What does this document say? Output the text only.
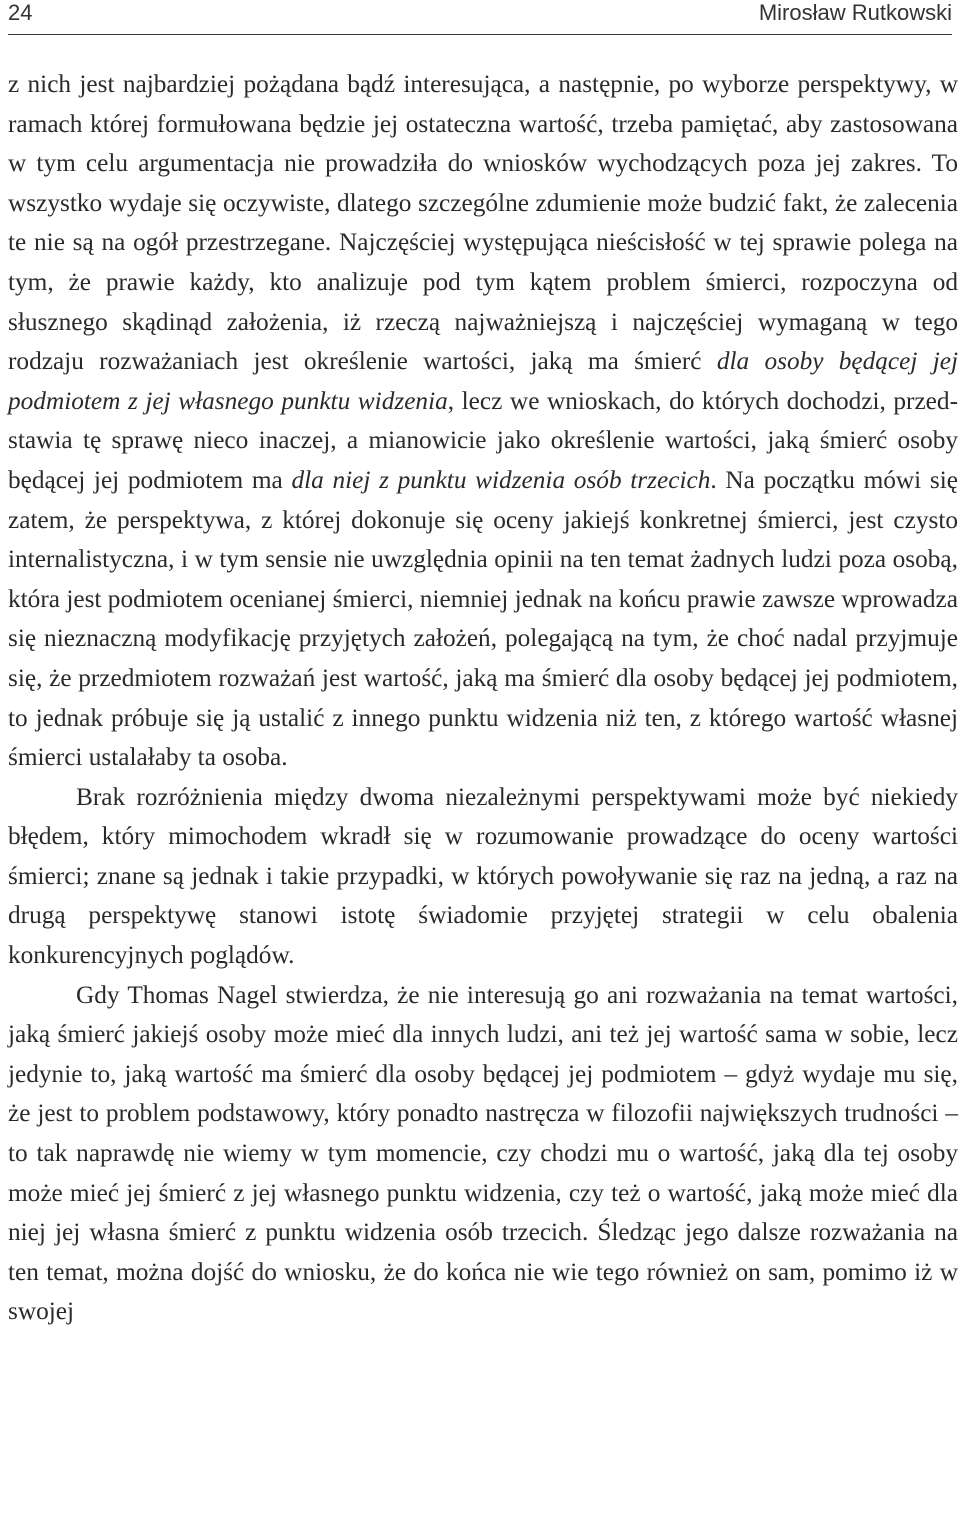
24	Mirosław Rutkowski

z nich jest najbardziej pożądana bądź interesująca, a następnie, po wyborze perspektywy, w ramach której formułowana będzie jej ostateczna wartość, trzeba pamiętać, aby zastosowana w tym celu argumentacja nie prowadziła do wniosków wychodzących poza jej zakres. To wszystko wydaje się oczywiste, dlatego szczególne zdumienie może budzić fakt, że zalecenia te nie są na ogół przestrzegane. Najczęściej występująca nieścisłość w tej sprawie polega na tym, że prawie każdy, kto analizuje pod tym kątem problem śmierci, rozpoczyna od słusznego skądinąd założenia, iż rzeczą najważniejszą i najczęściej wymaganą w tego rodzaju rozważaniach jest określenie wartości, jaką ma śmierć dla osoby będącej jej podmiotem z jej własnego punktu widzenia, lecz we wnioskach, do których dochodzi, przedstawia tę sprawę nieco inaczej, a mianowicie jako określenie wartości, jaką śmierć osoby będącej jej podmiotem ma dla niej z punktu widzenia osób trzecich. Na początku mówi się zatem, że perspektywa, z której dokonuje się oceny jakiejś konkretnej śmierci, jest czysto internalistyczna, i w tym sensie nie uwzględnia opinii na ten temat żadnych ludzi poza osobą, która jest podmiotem ocenianej śmierci, niemniej jednak na końcu prawie zawsze wprowadza się nieznaczną modyfikację przyjętych założeń, polegającą na tym, że choć nadal przyjmuje się, że przedmiotem rozważań jest wartość, jaką ma śmierć dla osoby będącej jej podmiotem, to jednak próbuje się ją ustalić z innego punktu widzenia niż ten, z którego wartość własnej śmierci ustalałaby ta osoba.

Brak rozróżnienia między dwoma niezależnymi perspektywami może być niekiedy błędem, który mimochodem wkradł się w rozumowanie prowadzące do oceny wartości śmierci; znane są jednak i takie przypadki, w których powoływanie się raz na jedną, a raz na drugą perspektywę stanowi istotę świadomie przyjętej strategii w celu obalenia konkurencyjnych poglądów.

Gdy Thomas Nagel stwierdza, że nie interesują go ani rozważania na temat wartości, jaką śmierć jakiejś osoby może mieć dla innych ludzi, ani też jej wartość sama w sobie, lecz jedynie to, jaką wartość ma śmierć dla osoby będącej jej podmiotem – gdyż wydaje mu się, że jest to problem podstawowy, który ponadto nastręcza w filozofii największych trudności – to tak naprawdę nie wiemy w tym momencie, czy chodzi mu o wartość, jaką dla tej osoby może mieć jej śmierć z jej własnego punktu widzenia, czy też o wartość, jaką może mieć dla niej jej własna śmierć z punktu widzenia osób trzecich. Śledząc jego dalsze rozważania na ten temat, można dojść do wniosku, że do końca nie wie tego również on sam, pomimo iż w swojej
